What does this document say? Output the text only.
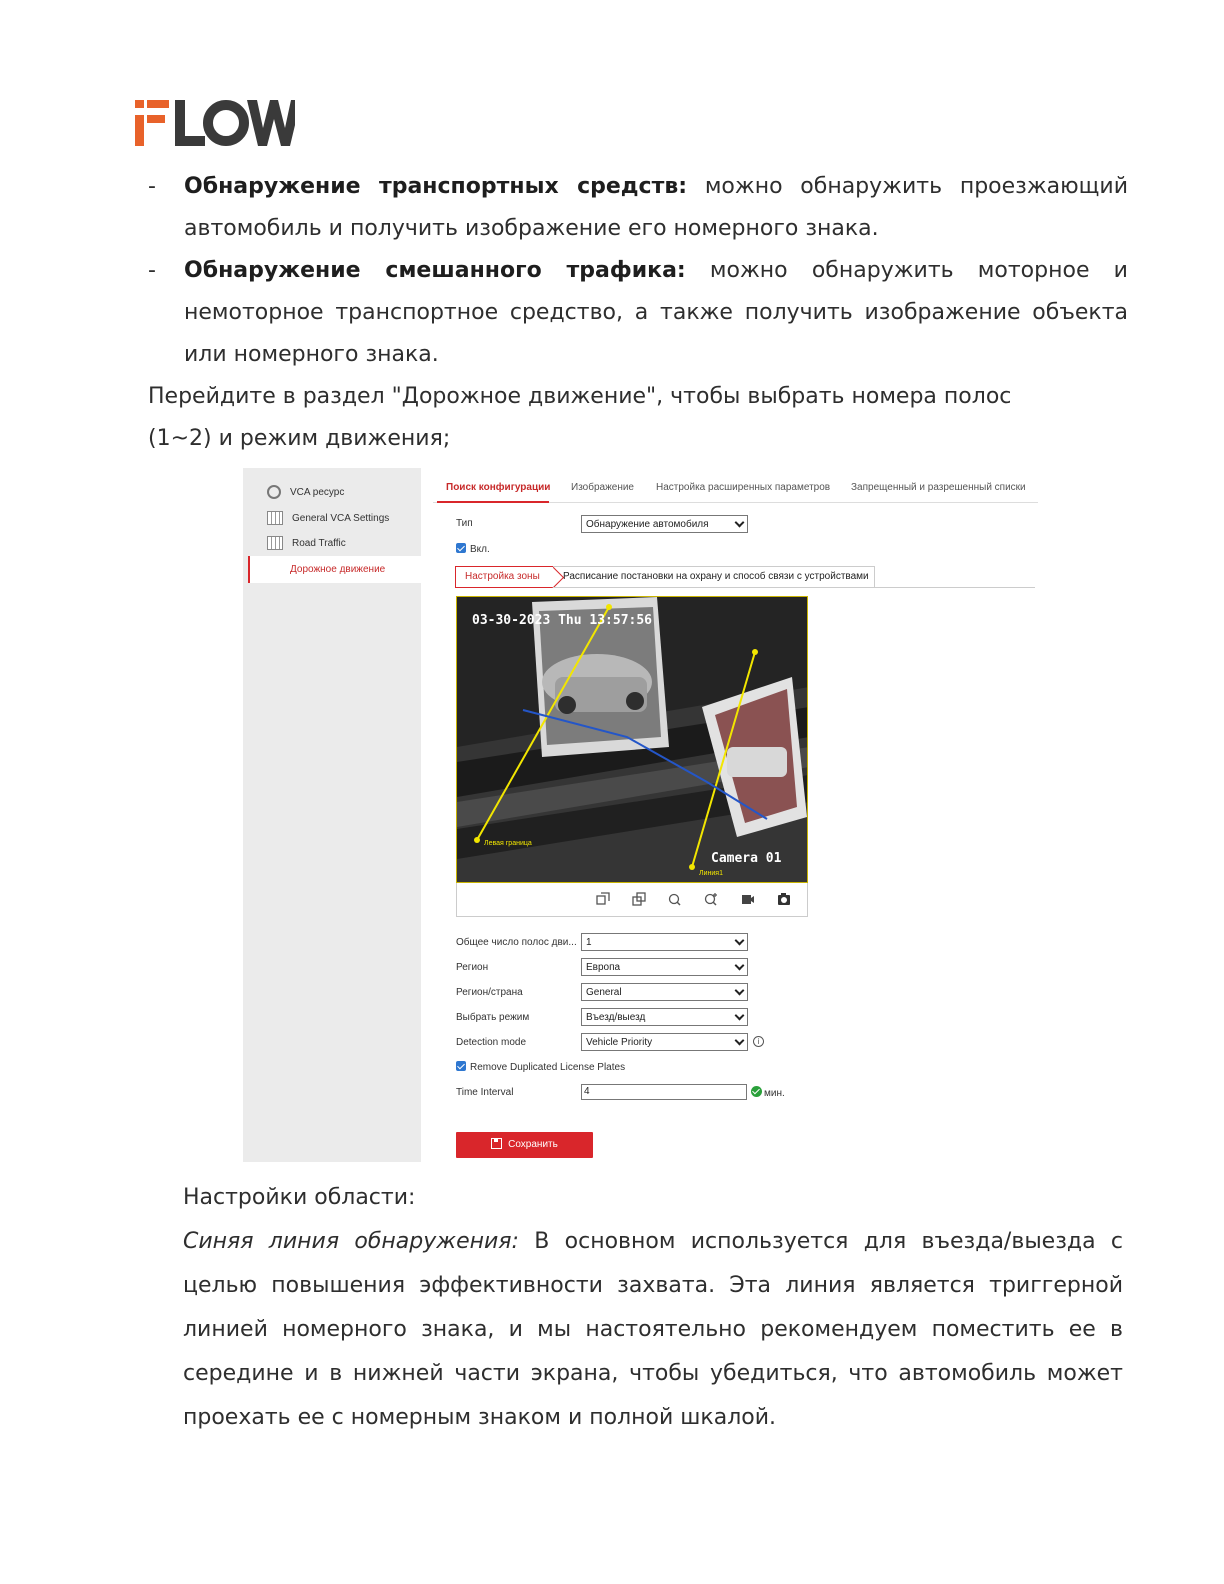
- Обнаружение транспортных средств: можно обнаружить проезжающий автомобиль и получить изображение его номерного знака.
- Обнаружение смешанного трафика: можно обнаружить моторное и немоторное транспортное средство, а также получить изображение объекта или номерного знака.
Перейдите в раздел "Дорожное движение", чтобы выбрать номера полос
(1~2) и режим движения;
VCA ресурс
General VCA Settings
Road Traffic
Дорожное движение
Поиск конфигурации Изображение Настройка расширенных параметров Запрещенный и разрешенный списки
Тип	Обнаружение автомобиля
Вкл.
Настройка зоны	Расписание постановки на охрану и способ связи с устройствами
03-30-2023 Thu 13:57:56
Camera 01
Левая граница
Линия1
Общее число полос дви... 1
Регион	Европа
Регион/страна	General
Выбрать режим	Въезд/выезд
Detection mode	Vehicle Priority	i
Remove Duplicated License Plates
Time Interval	4	мин.
Сохранить

Настройки области:

Синяя линия обнаружения: В основном используется для въезда/выезда с целью повышения эффективности захвата. Эта линия является триггерной линией номерного знака, и мы настоятельно рекомендуем поместить ее в середине и в нижней части экрана, чтобы убедиться, что автомобиль может проехать ее с номерным знаком и полной шкалой.
